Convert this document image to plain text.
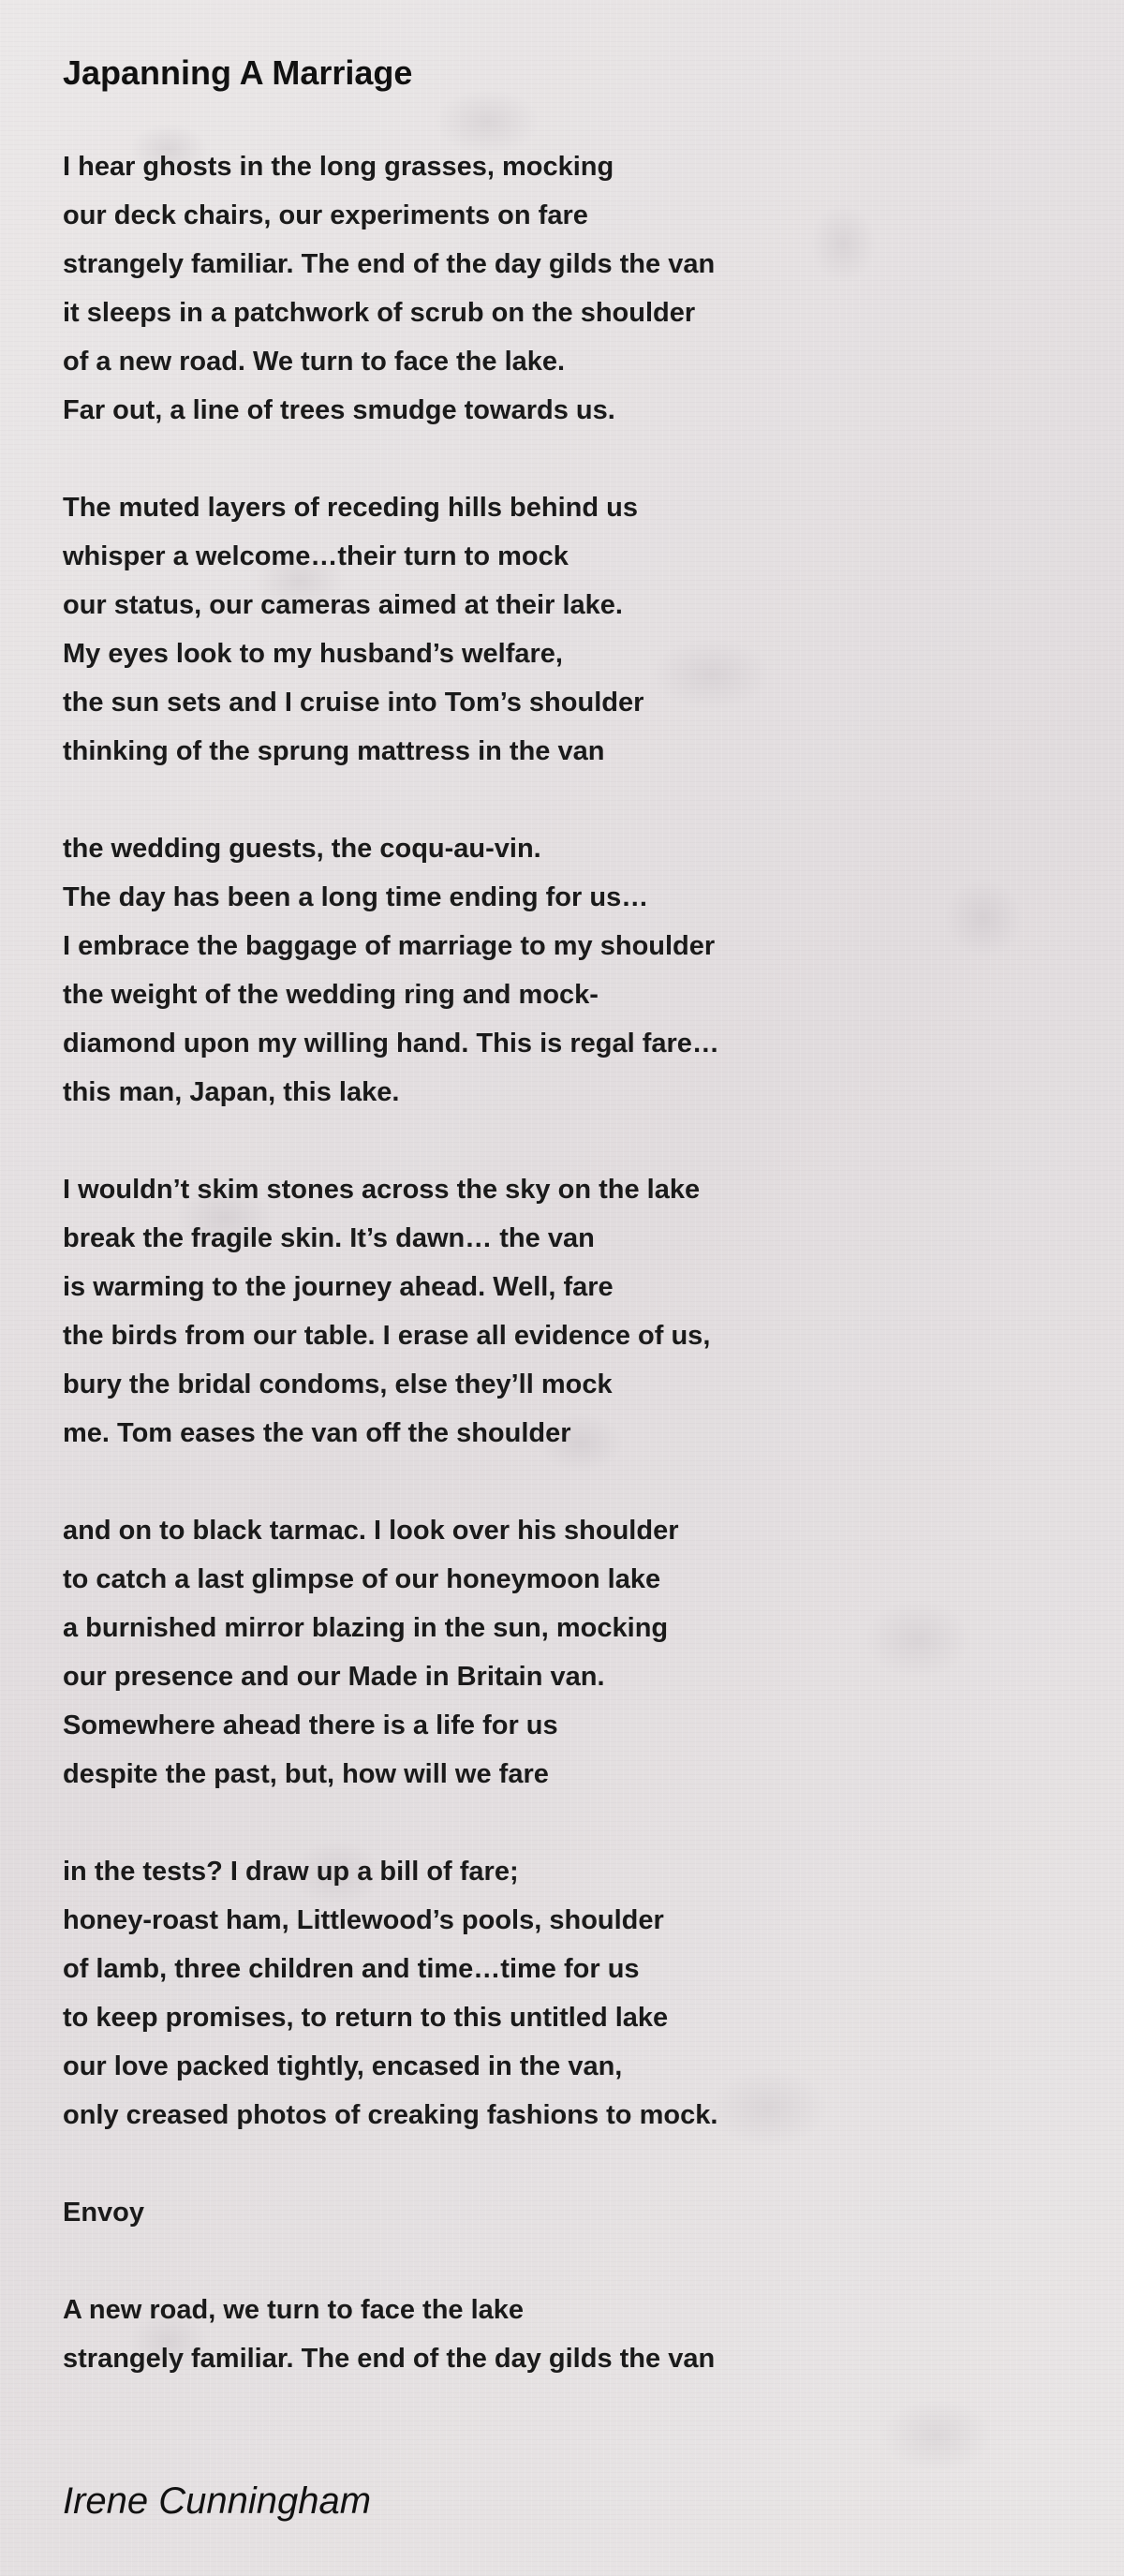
Japanning A Marriage
I hear ghosts in the long grasses, mocking
our deck chairs, our experiments on fare
strangely familiar. The end of the day gilds the van
it sleeps in a patchwork of scrub on the shoulder
of a new road. We turn to face the lake.
Far out, a line of trees smudge towards us.
The muted layers of receding hills behind us
whisper a welcome…their turn to mock
our status, our cameras aimed at their lake.
My eyes look to my husband’s welfare,
the sun sets and I cruise into Tom’s shoulder
thinking of the sprung mattress in the van
the wedding guests, the coqu-au-vin.
The day has been a long time ending for us…
I embrace the baggage of marriage to my shoulder
the weight of the wedding ring and mock-
diamond upon my willing hand. This is regal fare…
this man, Japan, this lake.
I wouldn’t skim stones across the sky on the lake
break the fragile skin. It’s dawn… the van
is warming to the journey ahead. Well, fare
the birds from our table. I erase all evidence of us,
bury the bridal condoms, else they’ll mock
me. Tom eases the van off the shoulder
and on to black tarmac. I look over his shoulder
to catch a last glimpse of our honeymoon lake
a burnished mirror blazing in the sun, mocking
our presence and our Made in Britain van.
Somewhere ahead there is a life for us
despite the past, but, how will we fare
in the tests? I draw up a bill of fare;
honey-roast ham, Littlewood’s pools, shoulder
of lamb, three children and time…time for us
to keep promises, to return to this untitled lake
our love packed tightly, encased in the van,
only creased photos of creaking fashions to mock.
Envoy
A new road, we turn to face the lake
strangely familiar. The end of the day gilds the van
Irene Cunningham
